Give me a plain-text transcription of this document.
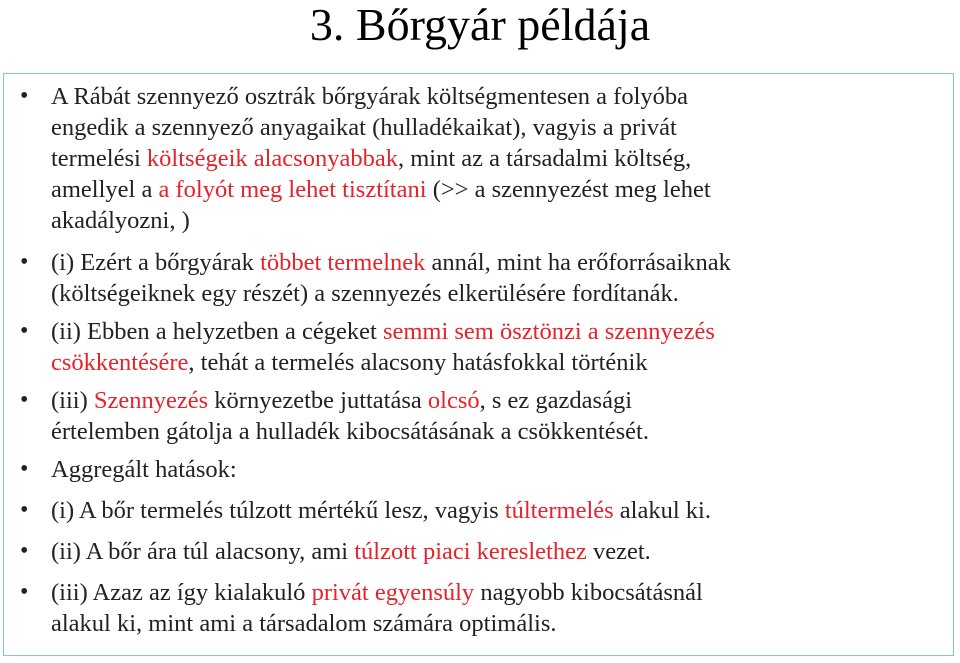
3. Bőrgyár példája
• A Rábát szennyező osztrák bőrgyárak költségmentesen a folyóba
engedik a szennyező anyagaikat (hulladékaikat), vagyis a privát
termelési költségeik alacsonyabbak, mint az a társadalmi költség,
amellyel a a folyót meg lehet tisztítani (>> a szennyezést meg lehet
akadályozni, )
• (i) Ezért a bőrgyárak többet termelnek annál, mint ha erőforrásaiknak
(költségeiknek egy részét) a szennyezés elkerülésére fordítanák.
• (ii) Ebben a helyzetben a cégeket semmi sem ösztönzi a szennyezés
csökkentésére, tehát a termelés alacsony hatásfokkal történik
• (iii) Szennyezés környezetbe juttatása olcsó, s ez gazdasági
értelemben gátolja a hulladék kibocsátásának a csökkentését.
• Aggregált hatások:
• (i) A bőr termelés túlzott mértékű lesz, vagyis túltermelés alakul ki.
• (ii) A bőr ára túl alacsony, ami túlzott piaci kereslethez vezet.
• (iii) Azaz az így kialakuló privát egyensúly nagyobb kibocsátásnál
alakul ki, mint ami a társadalom számára optimális.
